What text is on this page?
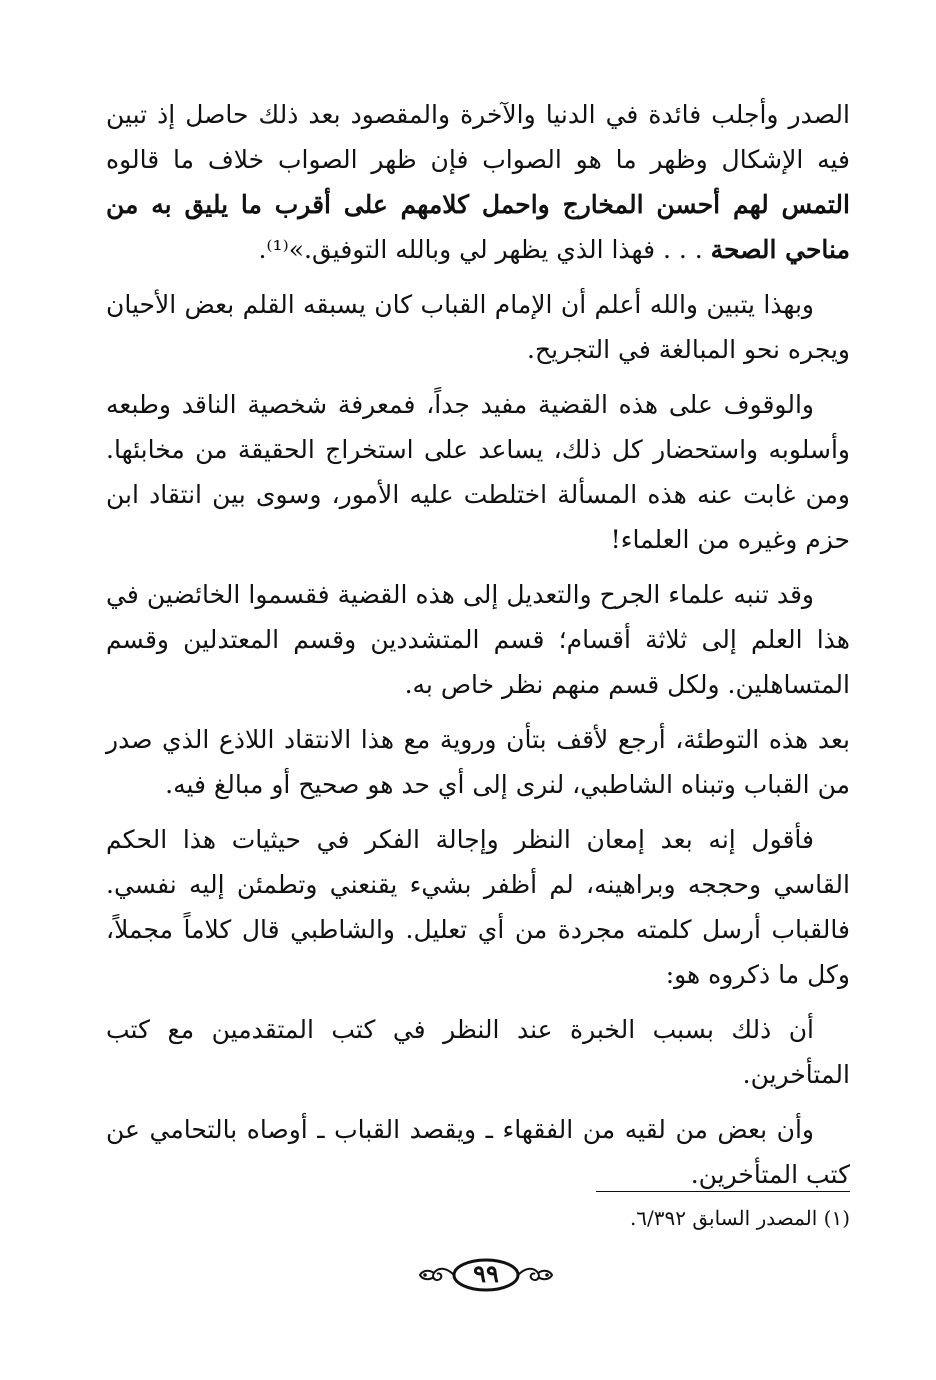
الصدر وأجلب فائدة في الدنيا والآخرة والمقصود بعد ذلك حاصل إذ تبين فيه الإشكال وظهر ما هو الصواب فإن ظهر الصواب خلاف ما قالوه التمس لهم أحسن المخارج واحمل كلامهم على أقرب ما يليق به من مناحي الصحة . . . فهذا الذي يظهر لي وبالله التوفيق.»⁽¹⁾.

وبهذا يتبين والله أعلم أن الإمام القباب كان يسبقه القلم بعض الأحيان ويجره نحو المبالغة في التجريح.

والوقوف على هذه القضية مفيد جداً، فمعرفة شخصية الناقد وطبعه وأسلوبه واستحضار كل ذلك، يساعد على استخراج الحقيقة من مخابئها. ومن غابت عنه هذه المسألة اختلطت عليه الأمور، وسوى بين انتقاد ابن حزم وغيره من العلماء!

وقد تنبه علماء الجرح والتعديل إلى هذه القضية فقسموا الخائضين في هذا العلم إلى ثلاثة أقسام؛ قسم المتشددين وقسم المعتدلين وقسم المتساهلين. ولكل قسم منهم نظر خاص به.

بعد هذه التوطئة، أرجع لأقف بتأن وروية مع هذا الانتقاد اللاذع الذي صدر من القباب وتبناه الشاطبي، لنرى إلى أي حد هو صحيح أو مبالغ فيه.

فأقول إنه بعد إمعان النظر وإجالة الفكر في حيثيات هذا الحكم القاسي وحججه وبراهينه، لم أظفر بشيء يقنعني وتطمئن إليه نفسي. فالقباب أرسل كلمته مجردة من أي تعليل. والشاطبي قال كلاماً مجملاً، وكل ما ذكروه هو:

أن ذلك بسبب الخبرة عند النظر في كتب المتقدمين مع كتب المتأخرين.

وأن بعض من لقيه من الفقهاء ـ ويقصد القباب ـ أوصاه بالتحامي عن كتب المتأخرين.

(١) المصدر السابق ٦/٣٩٢.
٩٩
